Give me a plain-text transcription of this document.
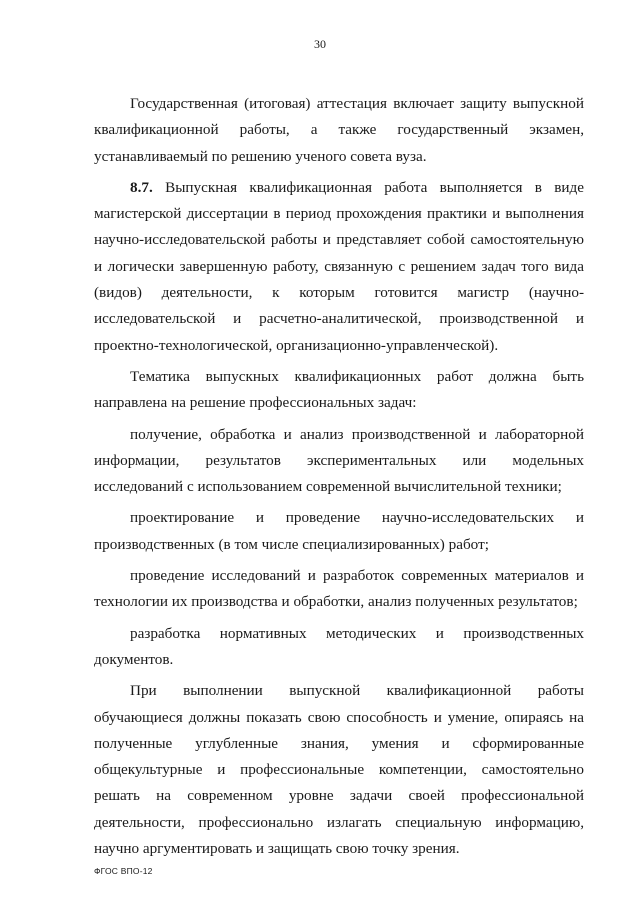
30

Государственная (итоговая) аттестация включает защиту выпускной квалификационной работы, а также государственный экзамен, устанавливаемый по решению ученого совета вуза.

8.7. Выпускная квалификационная работа выполняется в виде магистерской диссертации в период прохождения практики и выполнения научно-исследовательской работы и представляет собой самостоятельную и логически завершенную работу, связанную с решением задач того вида (видов) деятельности, к которым готовится магистр (научно-исследовательской и расчетно-аналитической, производственной и проектно-технологической, организационно-управленческой).

Тематика выпускных квалификационных работ должна быть направлена на решение профессиональных задач:

получение, обработка и анализ производственной и лабораторной информации, результатов экспериментальных или модельных исследований с использованием современной вычислительной техники;

проектирование и проведение научно-исследовательских и производственных (в том числе специализированных) работ;

проведение исследований и разработок современных материалов и технологии их производства и обработки, анализ полученных результатов;

разработка нормативных методических и производственных документов.

При выполнении выпускной квалификационной работы обучающиеся должны показать свою способность и умение, опираясь на полученные углубленные знания, умения и сформированные общекультурные и профессиональные компетенции, самостоятельно решать на современном уровне задачи своей профессиональной деятельности, профессионально излагать специальную информацию, научно аргументировать и защищать свою точку зрения.

ФГОС ВПО-12
